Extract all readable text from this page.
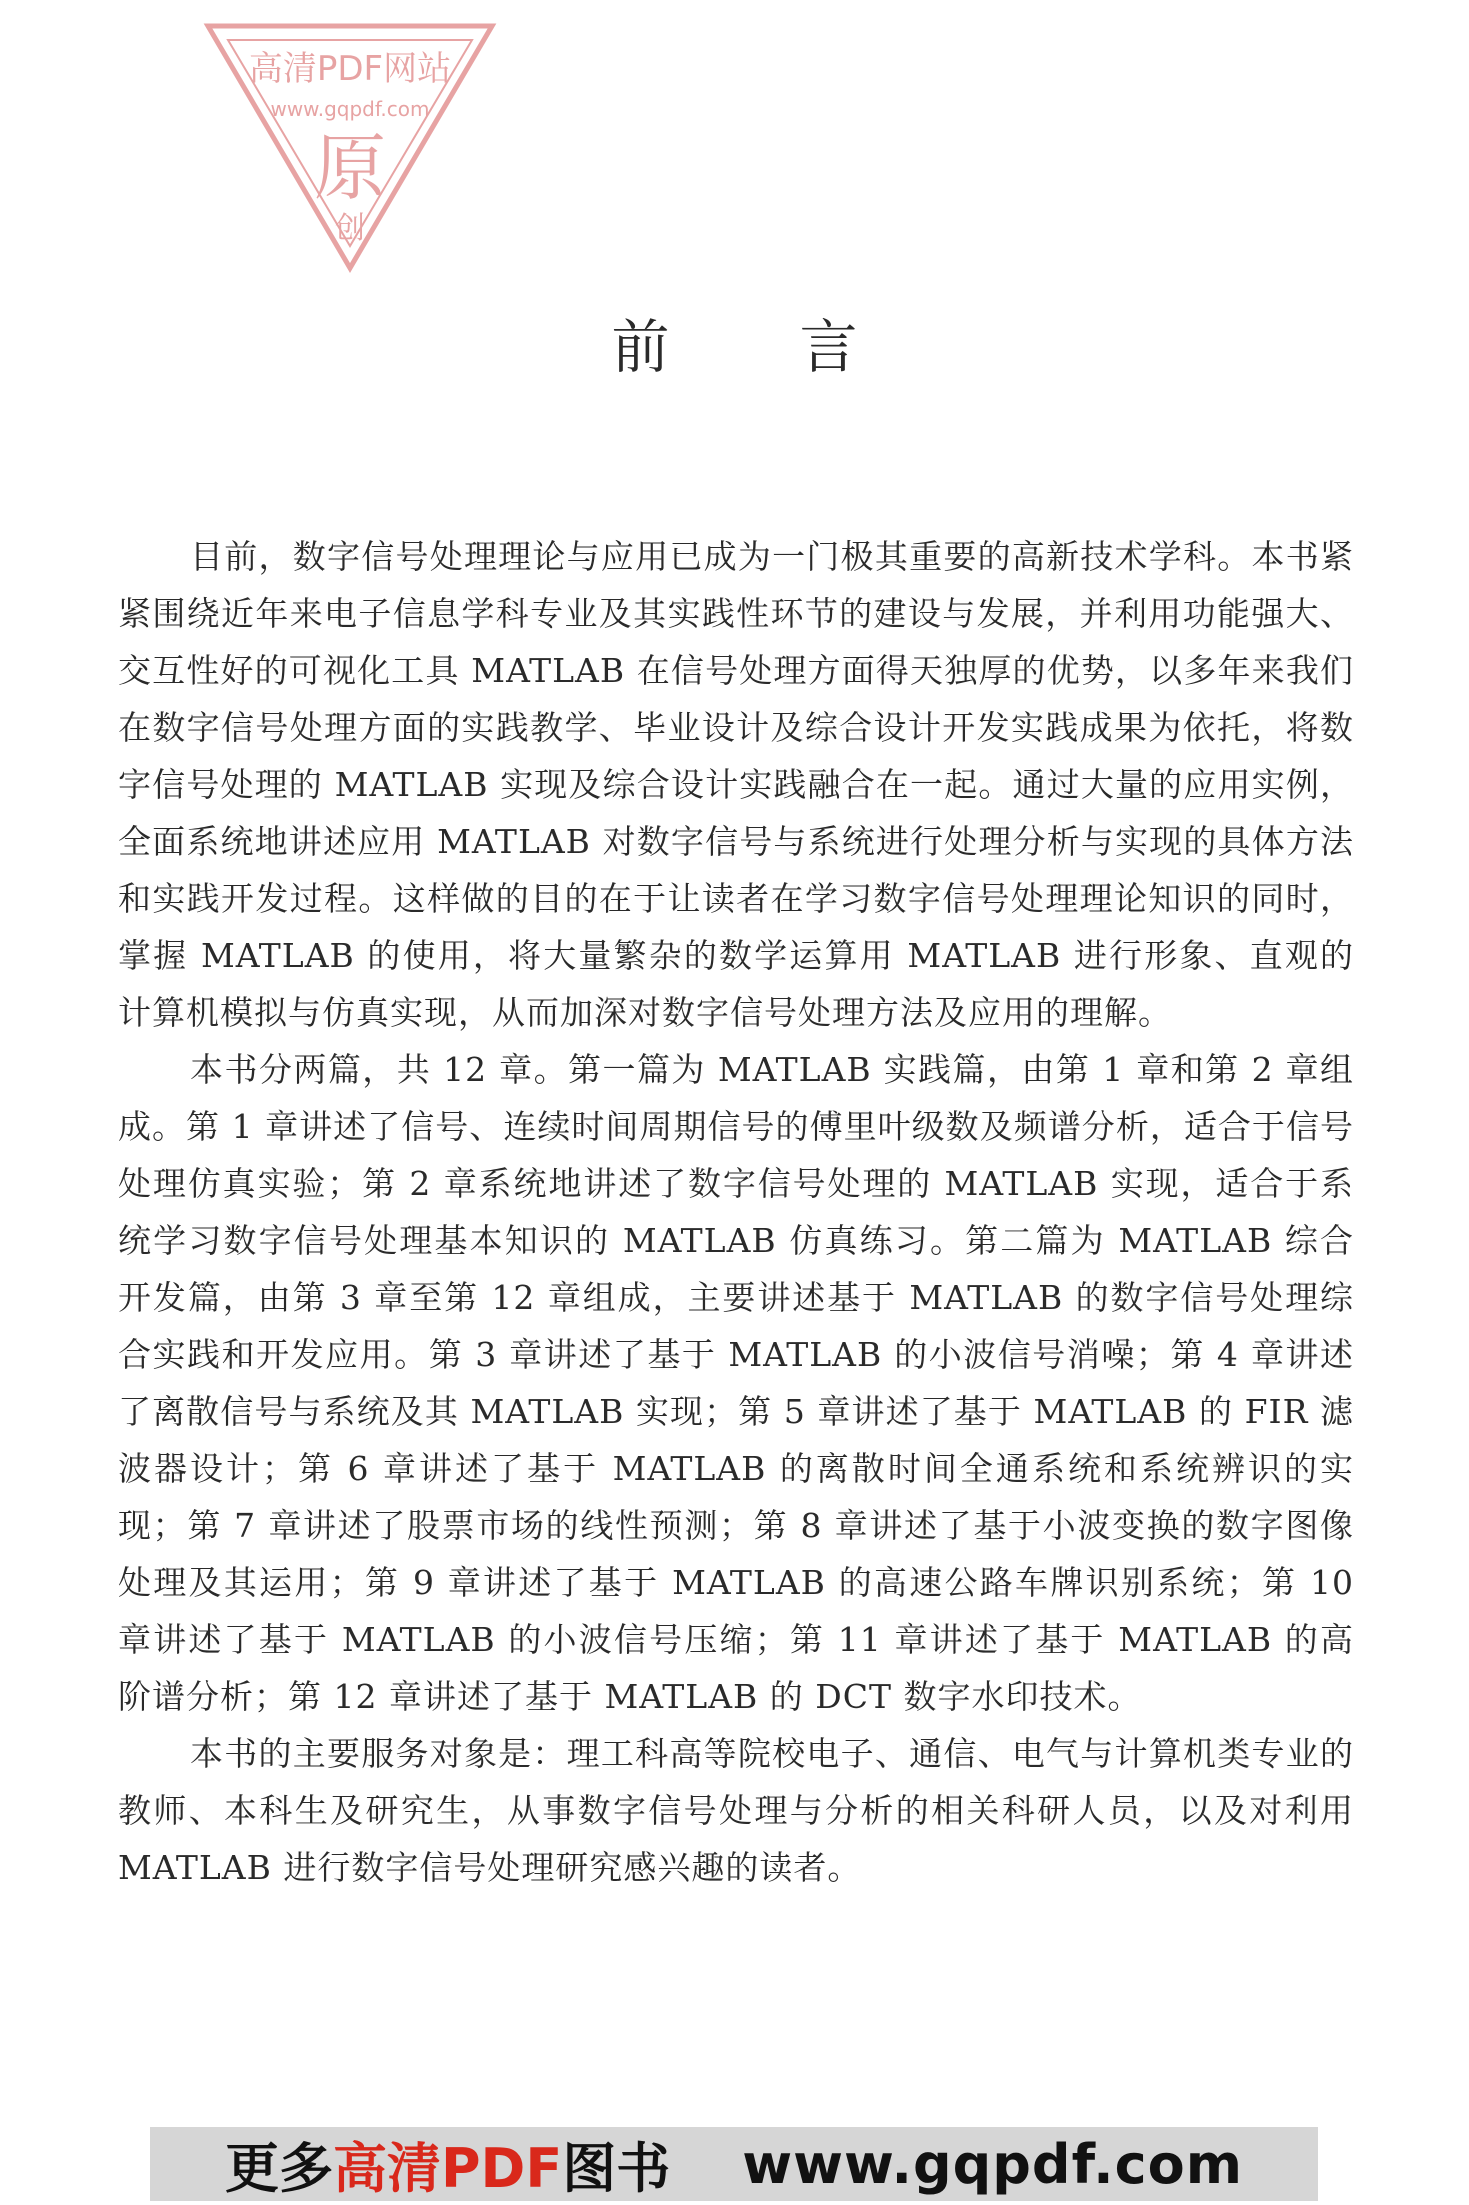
高清PDF网站
www.gqpdf.com
原
创
前言

目前，数字信号处理理论与应用已成为一门极其重要的高新技术学科。本书紧紧围绕近年来电子信息学科专业及其实践性环节的建设与发展，并利用功能强大、交互性好的可视化工具 MATLAB 在信号处理方面得天独厚的优势，以多年来我们在数字信号处理方面的实践教学、毕业设计及综合设计开发实践成果为依托，将数字信号处理的 MATLAB 实现及综合设计实践融合在一起。通过大量的应用实例，全面系统地讲述应用 MATLAB 对数字信号与系统进行处理分析与实现的具体方法和实践开发过程。这样做的目的在于让读者在学习数字信号处理理论知识的同时，掌握 MATLAB 的使用，将大量繁杂的数学运算用 MATLAB 进行形象、直观的计算机模拟与仿真实现，从而加深对数字信号处理方法及应用的理解。

本书分两篇，共 12 章。第一篇为 MATLAB 实践篇，由第 1 章和第 2 章组成。第 1 章讲述了信号、连续时间周期信号的傅里叶级数及频谱分析，适合于信号处理仿真实验；第 2 章系统地讲述了数字信号处理的 MATLAB 实现，适合于系统学习数字信号处理基本知识的 MATLAB 仿真练习。第二篇为 MATLAB 综合开发篇，由第 3 章至第 12 章组成，主要讲述基于 MATLAB 的数字信号处理综合实践和开发应用。第 3 章讲述了基于 MATLAB 的小波信号消噪；第 4 章讲述了离散信号与系统及其 MATLAB 实现；第 5 章讲述了基于 MATLAB 的 FIR 滤波器设计；第 6 章讲述了基于 MATLAB 的离散时间全通系统和系统辨识的实现；第 7 章讲述了股票市场的线性预测；第 8 章讲述了基于小波变换的数字图像处理及其运用；第 9 章讲述了基于 MATLAB 的高速公路车牌识别系统；第 10 章讲述了基于 MATLAB 的小波信号压缩；第 11 章讲述了基于 MATLAB 的高阶谱分析；第 12 章讲述了基于 MATLAB 的 DCT 数字水印技术。

本书的主要服务对象是：理工科高等院校电子、通信、电气与计算机类专业的教师、本科生及研究生，从事数字信号处理与分析的相关科研人员，以及对利用 MATLAB 进行数字信号处理研究感兴趣的读者。

更多高清PDF图书 www.gqpdf.com
